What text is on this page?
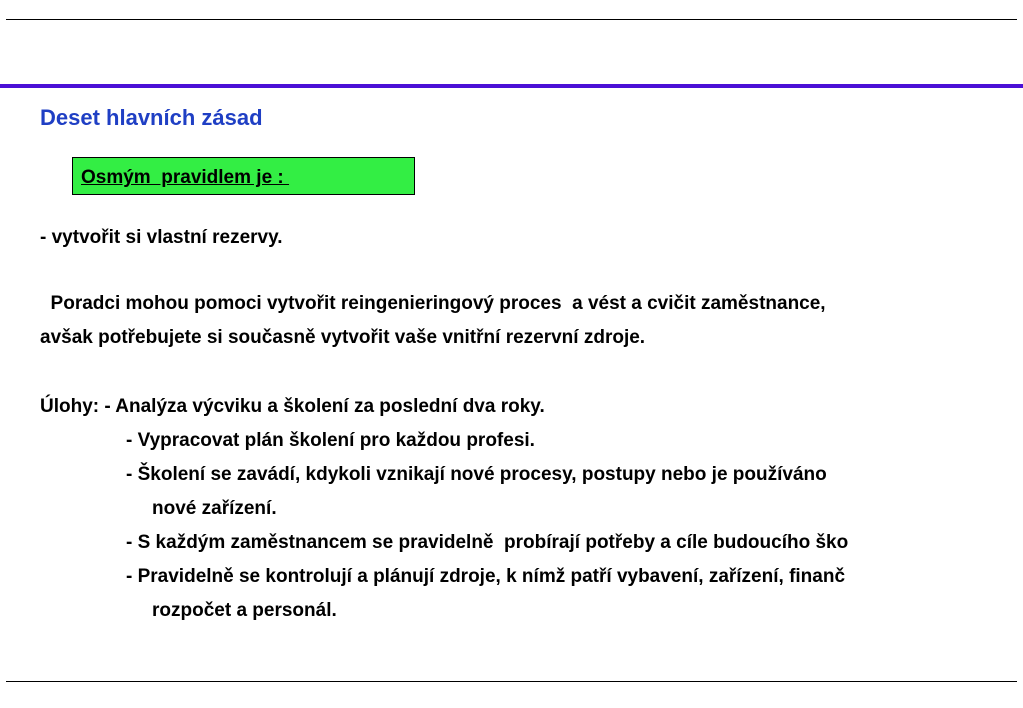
Deset hlavních zásad
Osmým  pravidlem je :
- vytvořit si vlastní rezervy.
Poradci mohou pomoci vytvořit reingenieringový proces  a vést a cvičit zaměstnance,
avšak potřebujete si současně vytvořit vaše vnitřní rezervní zdroje.
Úlohy: - Analýza výcviku a školení za poslední dva roky.
- Vypracovat plán školení pro každou profesi.
- Školení se zavádí, kdykoli vznikají nové procesy, postupy nebo je používáno
nové zařízení.
- S každým zaměstnancem se pravidelně  probírají potřeby a cíle budoucího ško
- Pravidelně se kontrolují a plánují zdroje, k nímž patří vybavení, zařízení, finanč
rozpočet a personál.
